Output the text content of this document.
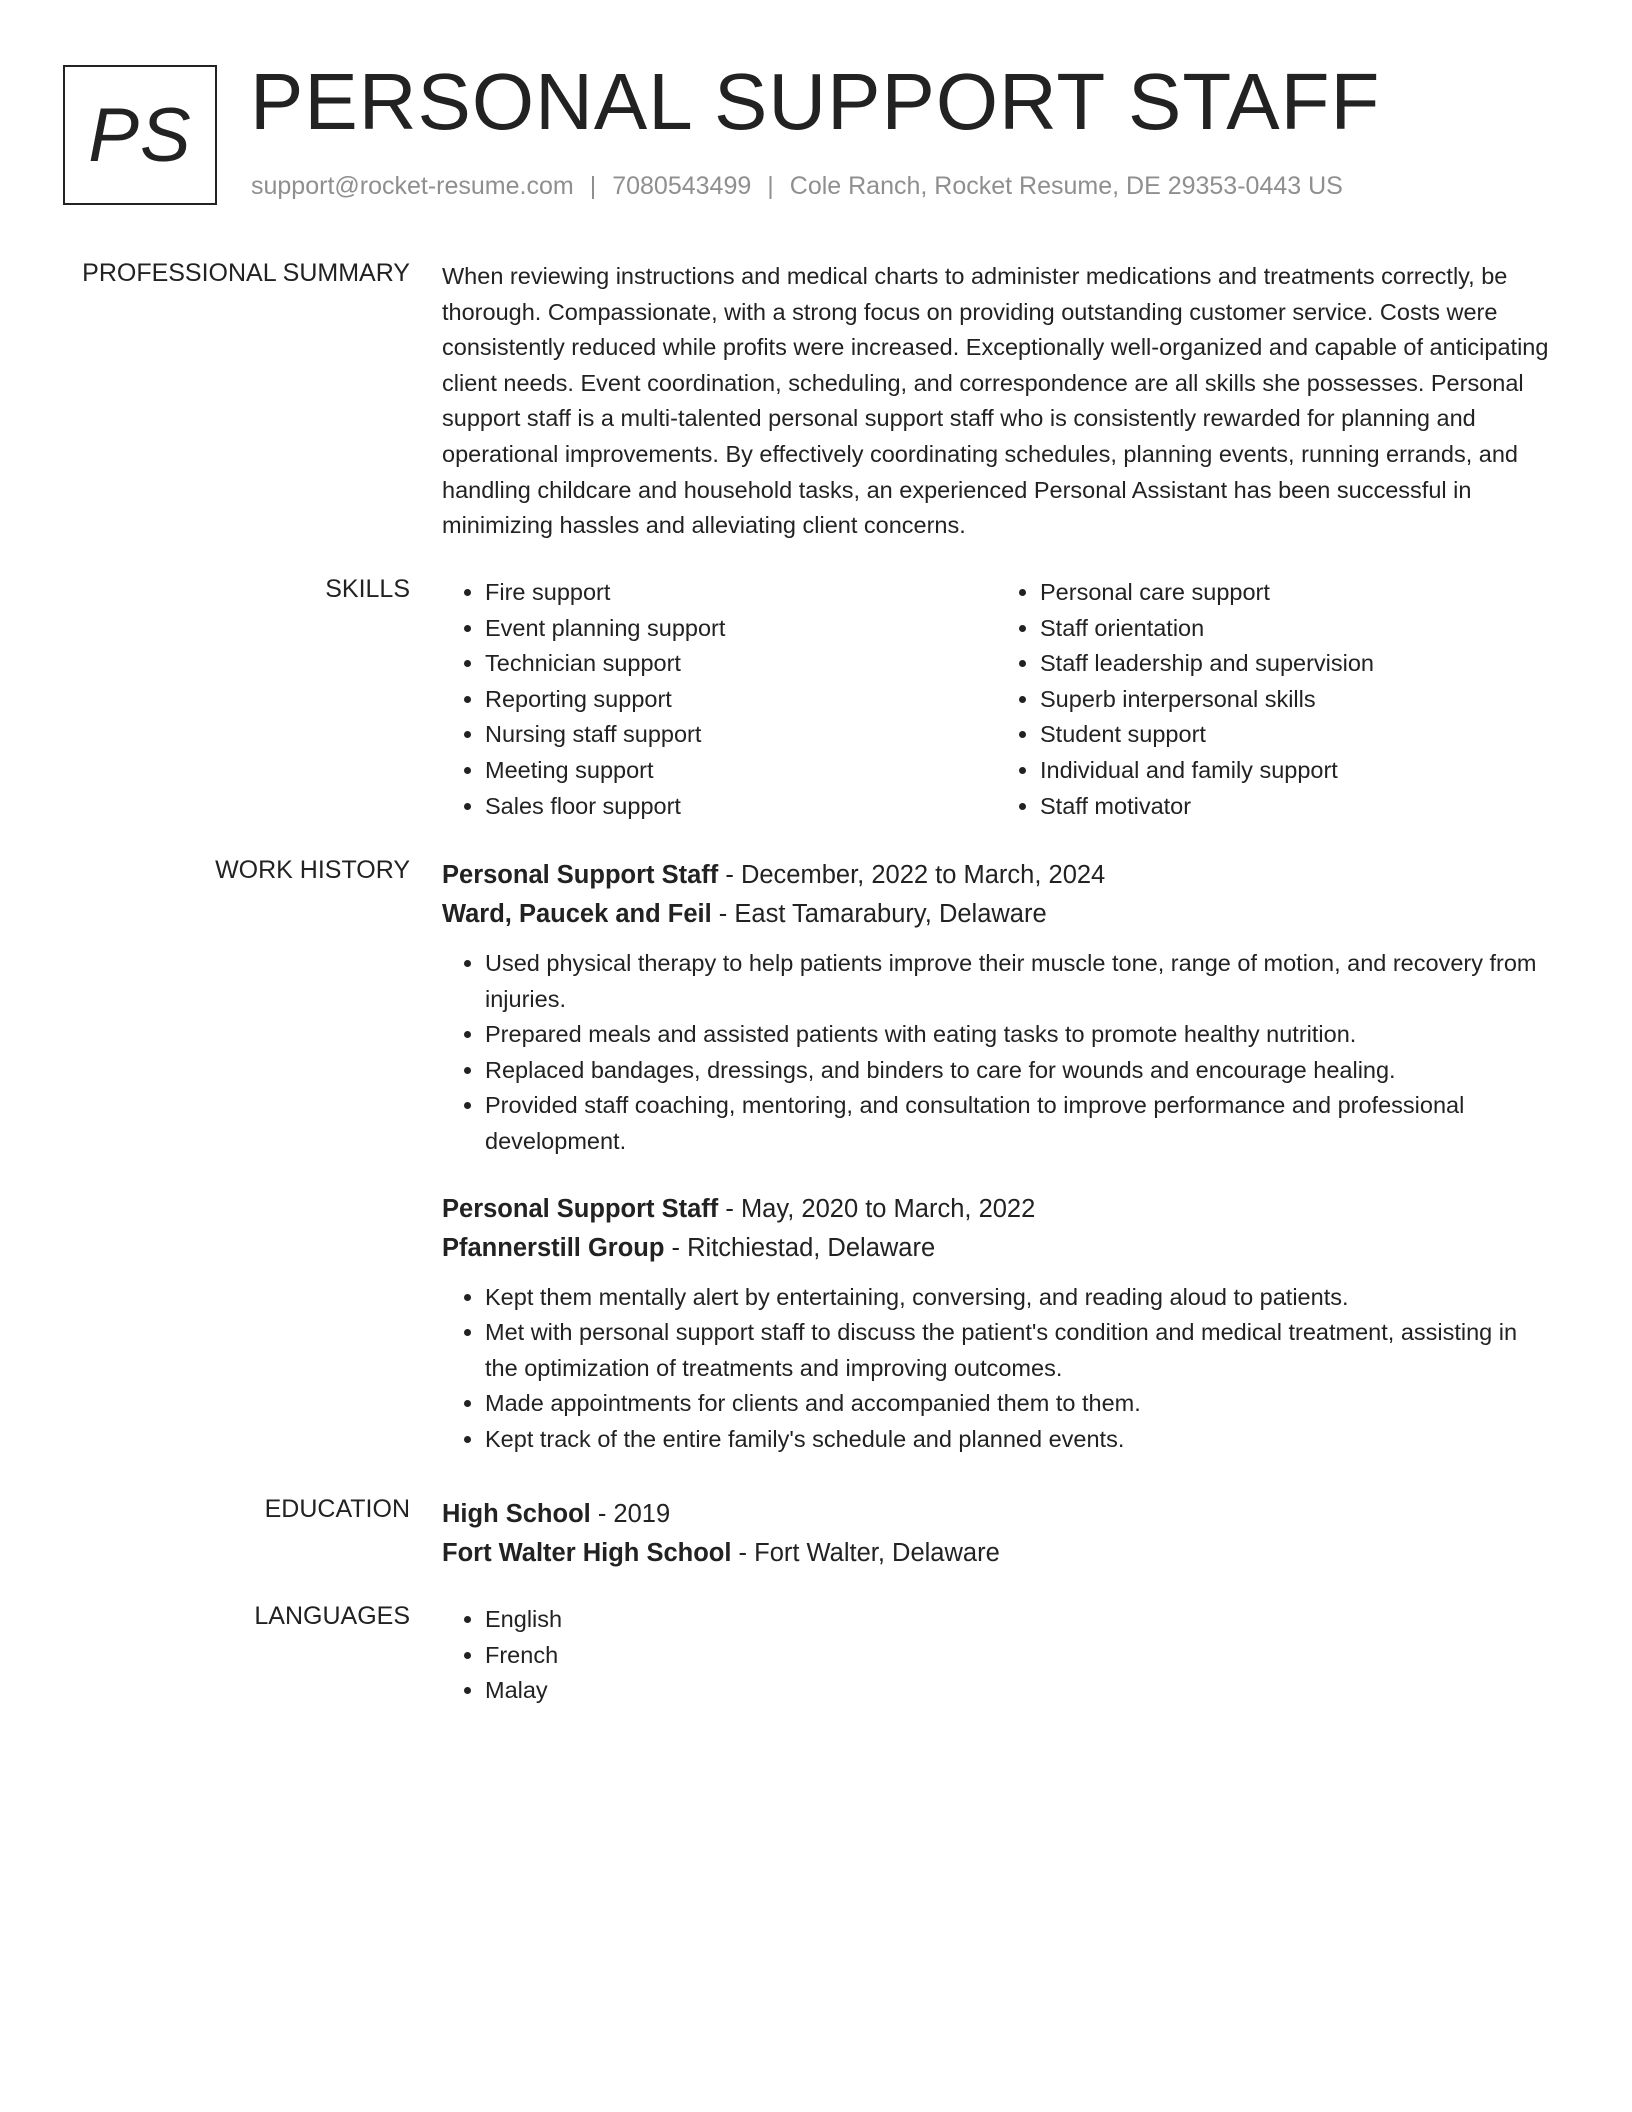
PS PERSONAL SUPPORT STAFF
support@rocket-resume.com | 7080543499 | Cole Ranch, Rocket Resume, DE 29353-0443 US
PROFESSIONAL SUMMARY When reviewing instructions and medical charts to administer medications and treatments correctly, be thorough. Compassionate, with a strong focus on providing outstanding customer service. Costs were consistently reduced while profits were increased. Exceptionally well-organized and capable of anticipating client needs. Event coordination, scheduling, and correspondence are all skills she possesses. Personal support staff is a multi-talented personal support staff who is consistently rewarded for planning and operational improvements. By effectively coordinating schedules, planning events, running errands, and handling childcare and household tasks, an experienced Personal Assistant has been successful in minimizing hassles and alleviating client concerns.

SKILLS	• Fire support
• Event planning support
• Technician support
• Reporting support
• Nursing staff support
• Meeting support
• Sales floor support
• Personal care support
• Staff orientation
• Staff leadership and supervision
• Superb interpersonal skills
• Student support
• Individual and family support
• Staff motivator
WORK HISTORY Personal Support Staff - December, 2022 to March, 2024
Ward, Paucek and Feil - East Tamarabury, Delaware
• Used physical therapy to help patients improve their muscle tone, range of motion, and recovery from injuries.
• Prepared meals and assisted patients with eating tasks to promote healthy nutrition.
• Replaced bandages, dressings, and binders to care for wounds and encourage healing.
• Provided staff coaching, mentoring, and consultation to improve performance and professional development.
Personal Support Staff - May, 2020 to March, 2022
Pfannerstill Group - Ritchiestad, Delaware
• Kept them mentally alert by entertaining, conversing, and reading aloud to patients.
• Met with personal support staff to discuss the patient's condition and medical treatment, assisting in the optimization of treatments and improving outcomes.
• Made appointments for clients and accompanied them to them.
• Kept track of the entire family's schedule and planned events.
EDUCATION High School - 2019
Fort Walter High School - Fort Walter, Delaware
LANGUAGES	• English
• French
• Malay
